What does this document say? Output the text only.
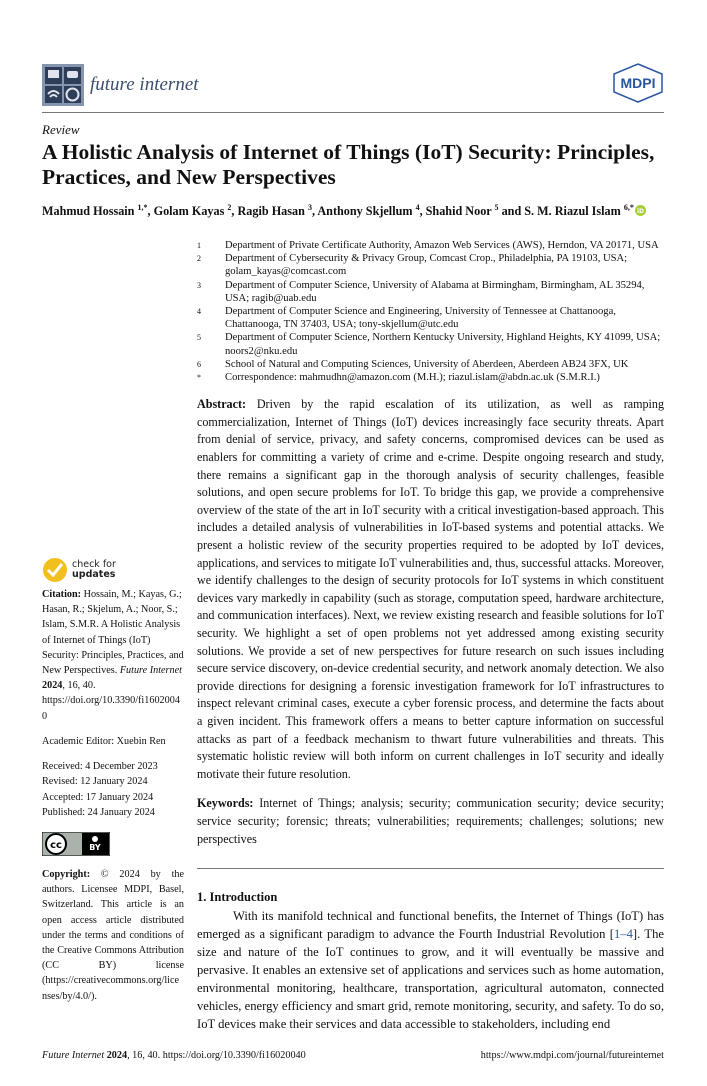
future internet	MDPI
Review
A Holistic Analysis of Internet of Things (IoT) Security: Principles, Practices, and New Perspectives
Mahmud Hossain $^{1,*}$, Golam Kayas $^2$, Ragib Hasan $^3$, Anthony Skjellum $^4$, Shahid Noor $^5$ and S. M. Riazul Islam $^{6,*}$ iD
check for
updates
Citation: Hossain, M.; Kayas, G.; Hasan, R.; Skjelum, A.; Noor, S.; Islam, S.M.R. A Holistic Analysis of Internet of Things (IoT) Security: Principles, Practices, and New Perspectives. Future Internet 2024, 16, 40. https://doi.org/10.3390/fi16020040
Academic Editor: Xuebin Ren
Received: 4 December 2023
Revised: 12 January 2024
Accepted: 17 January 2024
Published: 24 January 2024
cc	BY
Copyright: © 2024 by the authors. Licensee MDPI, Basel, Switzerland. This article is an open access article distributed under the terms and conditions of the Creative Commons Attribution (CC BY) license (https://creativecommons.org/licenses/by/4.0/).
1	Department of Private Certificate Authority, Amazon Web Services (AWS), Herndon, VA 20171, USA
2	Department of Cybersecurity & Privacy Group, Comcast Crop., Philadelphia, PA 19103, USA; golam_kayas@comcast.com
3	Department of Computer Science, University of Alabama at Birmingham, Birmingham, AL 35294, USA; ragib@uab.edu
4	Department of Computer Science and Engineering, University of Tennessee at Chattanooga, Chattanooga, TN 37403, USA; tony-skjellum@utc.edu
5	Department of Computer Science, Northern Kentucky University, Highland Heights, KY 41099, USA; noors2@nku.edu
6	School of Natural and Computing Sciences, University of Aberdeen, Aberdeen AB24 3FX, UK
*	Correspondence: mahmudhn@amazon.com (M.H.); riazul.islam@abdn.ac.uk (S.M.R.I.)
Abstract: Driven by the rapid escalation of its utilization, as well as ramping commercialization, Internet of Things (IoT) devices increasingly face security threats. Apart from denial of service, privacy, and safety concerns, compromised devices can be used as enablers for committing a variety of crime and e-crime. Despite ongoing research and study, there remains a significant gap in the thorough analysis of security challenges, feasible solutions, and open secure problems for IoT. To bridge this gap, we provide a comprehensive overview of the state of the art in IoT security with a critical investigation-based approach. This includes a detailed analysis of vulnerabilities in IoT-based systems and potential attacks. We present a holistic review of the security properties required to be adopted by IoT devices, applications, and services to mitigate IoT vulnerabilities and, thus, successful attacks. Moreover, we identify challenges to the design of security protocols for IoT systems in which constituent devices vary markedly in capability (such as storage, computation speed, hardware architecture, and communication interfaces). Next, we review existing research and feasible solutions for IoT security. We highlight a set of open problems not yet addressed among existing security solutions. We provide a set of new perspectives for future research on such issues including secure service discovery, on-device credential security, and network anomaly detection. We also provide directions for designing a forensic investigation framework for IoT infrastructures to inspect relevant criminal cases, execute a cyber forensic process, and determine the facts about a given incident. This framework offers a means to better capture information on successful attacks as part of a feedback mechanism to thwart future vulnerabilities and threats. This systematic holistic review will both inform on current challenges in IoT security and ideally motivate their future resolution.
Keywords: Internet of Things; analysis; security; communication security; device security; service security; forensic; threats; vulnerabilities; requirements; challenges; solutions; new perspectives
1. Introduction
With its manifold technical and functional benefits, the Internet of Things (IoT) has emerged as a significant paradigm to advance the Fourth Industrial Revolution [1–4]. The size and nature of the IoT continues to grow, and it will eventually be massive and pervasive. It enables an extensive set of applications and services such as home automation, environmental monitoring, healthcare, transportation, agricultural automaton, connected vehicles, energy efficiency and smart grid, remote monitoring, security, and safety. To do so, IoT devices make their services and data accessible to stakeholders, including end
Future Internet 2024, 16, 40. https://doi.org/10.3390/fi16020040	https://www.mdpi.com/journal/futureinternet
